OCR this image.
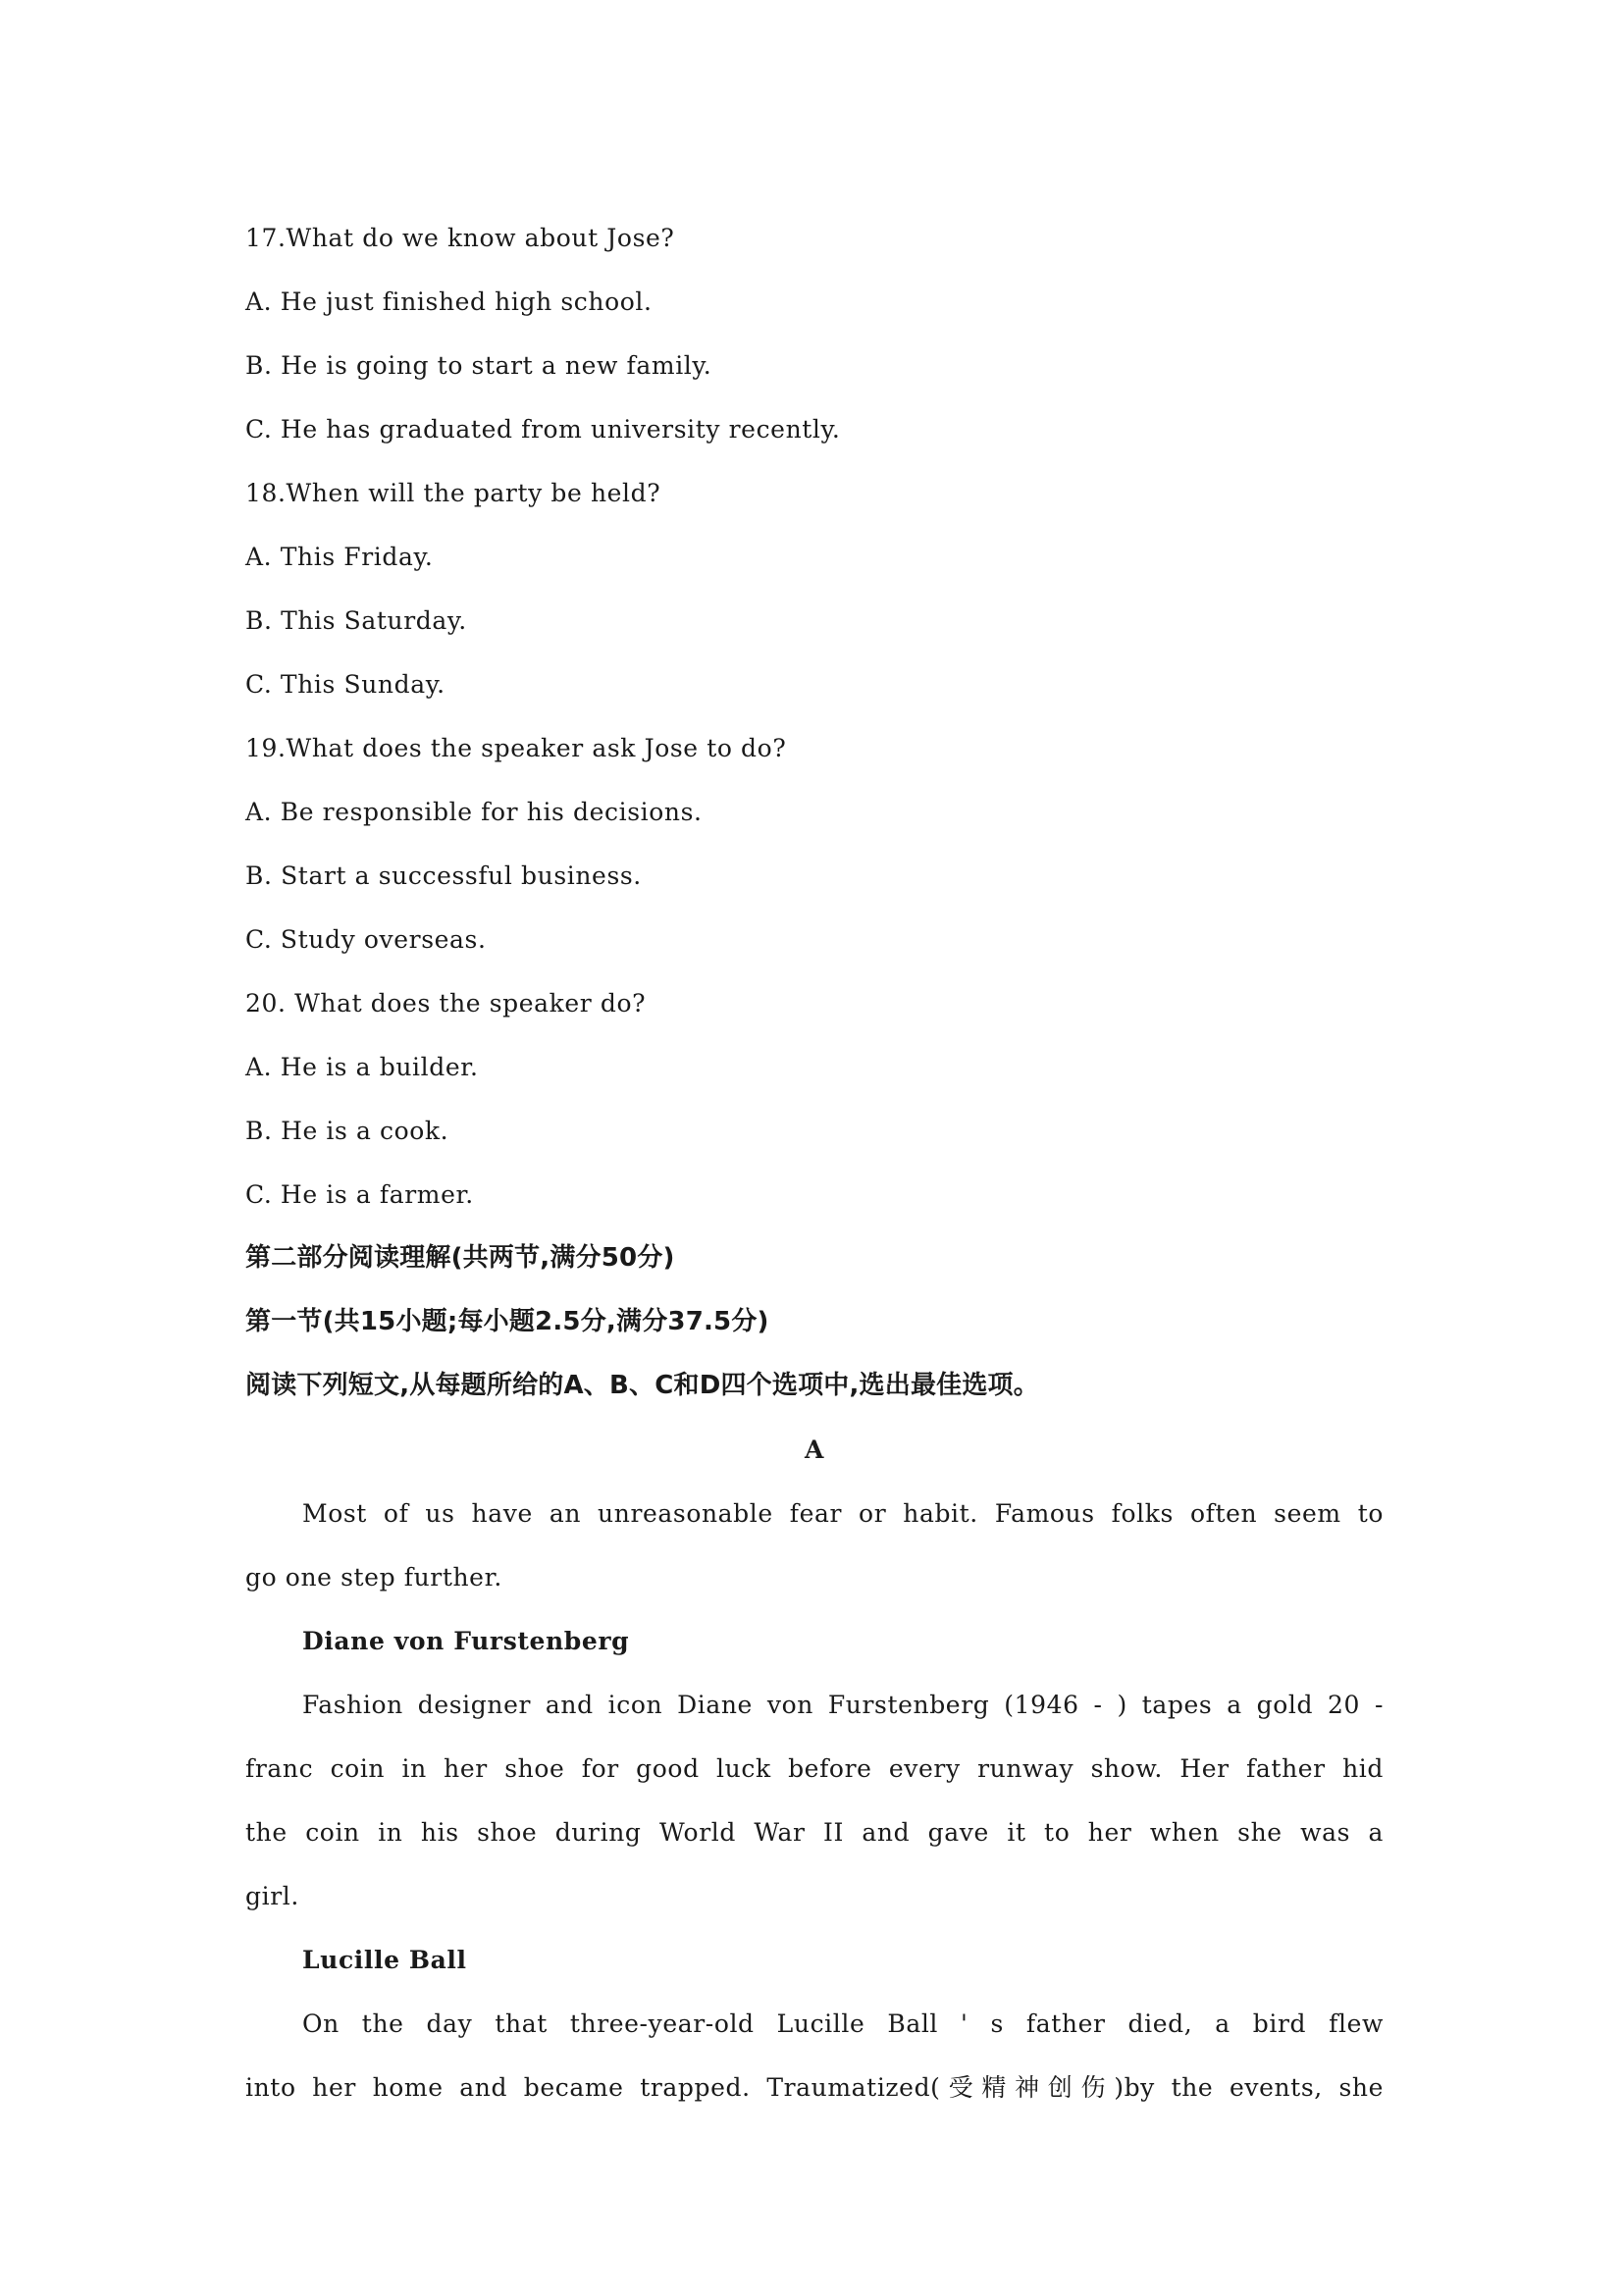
17.What do we know about Jose?
A. He just finished high school.
B. He is going to start a new family.
C. He has graduated from university recently.
18.When will the party be held?
A. This Friday.
B. This Saturday.
C. This Sunday.
19.What does the speaker ask Jose to do?
A. Be responsible for his decisions.
B. Start a successful business.
C. Study overseas.
20. What does the speaker do?
A. He is a builder.
B. He is a cook.
C. He is a farmer.
第二部分阅读理解(共两节,满分50分)
第一节(共15小题;每小题2.5分,满分37.5分)
阅读下列短文,从每题所给的A、B、C和D四个选项中,选出最佳选项。
A
Most of us have an unreasonable fear or habit. Famous folks often seem to
go one step further.
Diane von Furstenberg
Fashion designer and icon Diane von Furstenberg (1946 - ) tapes a gold 20 -
franc coin in her shoe for good luck before every runway show. Her father hid
the coin in his shoe during World War II and gave it to her when she was a
girl.
Lucille Ball
On the day that three-year-old Lucille Ball ' s father died, a bird flew
into her home and became trapped. Traumatized(受精神创伤)by the events, she
